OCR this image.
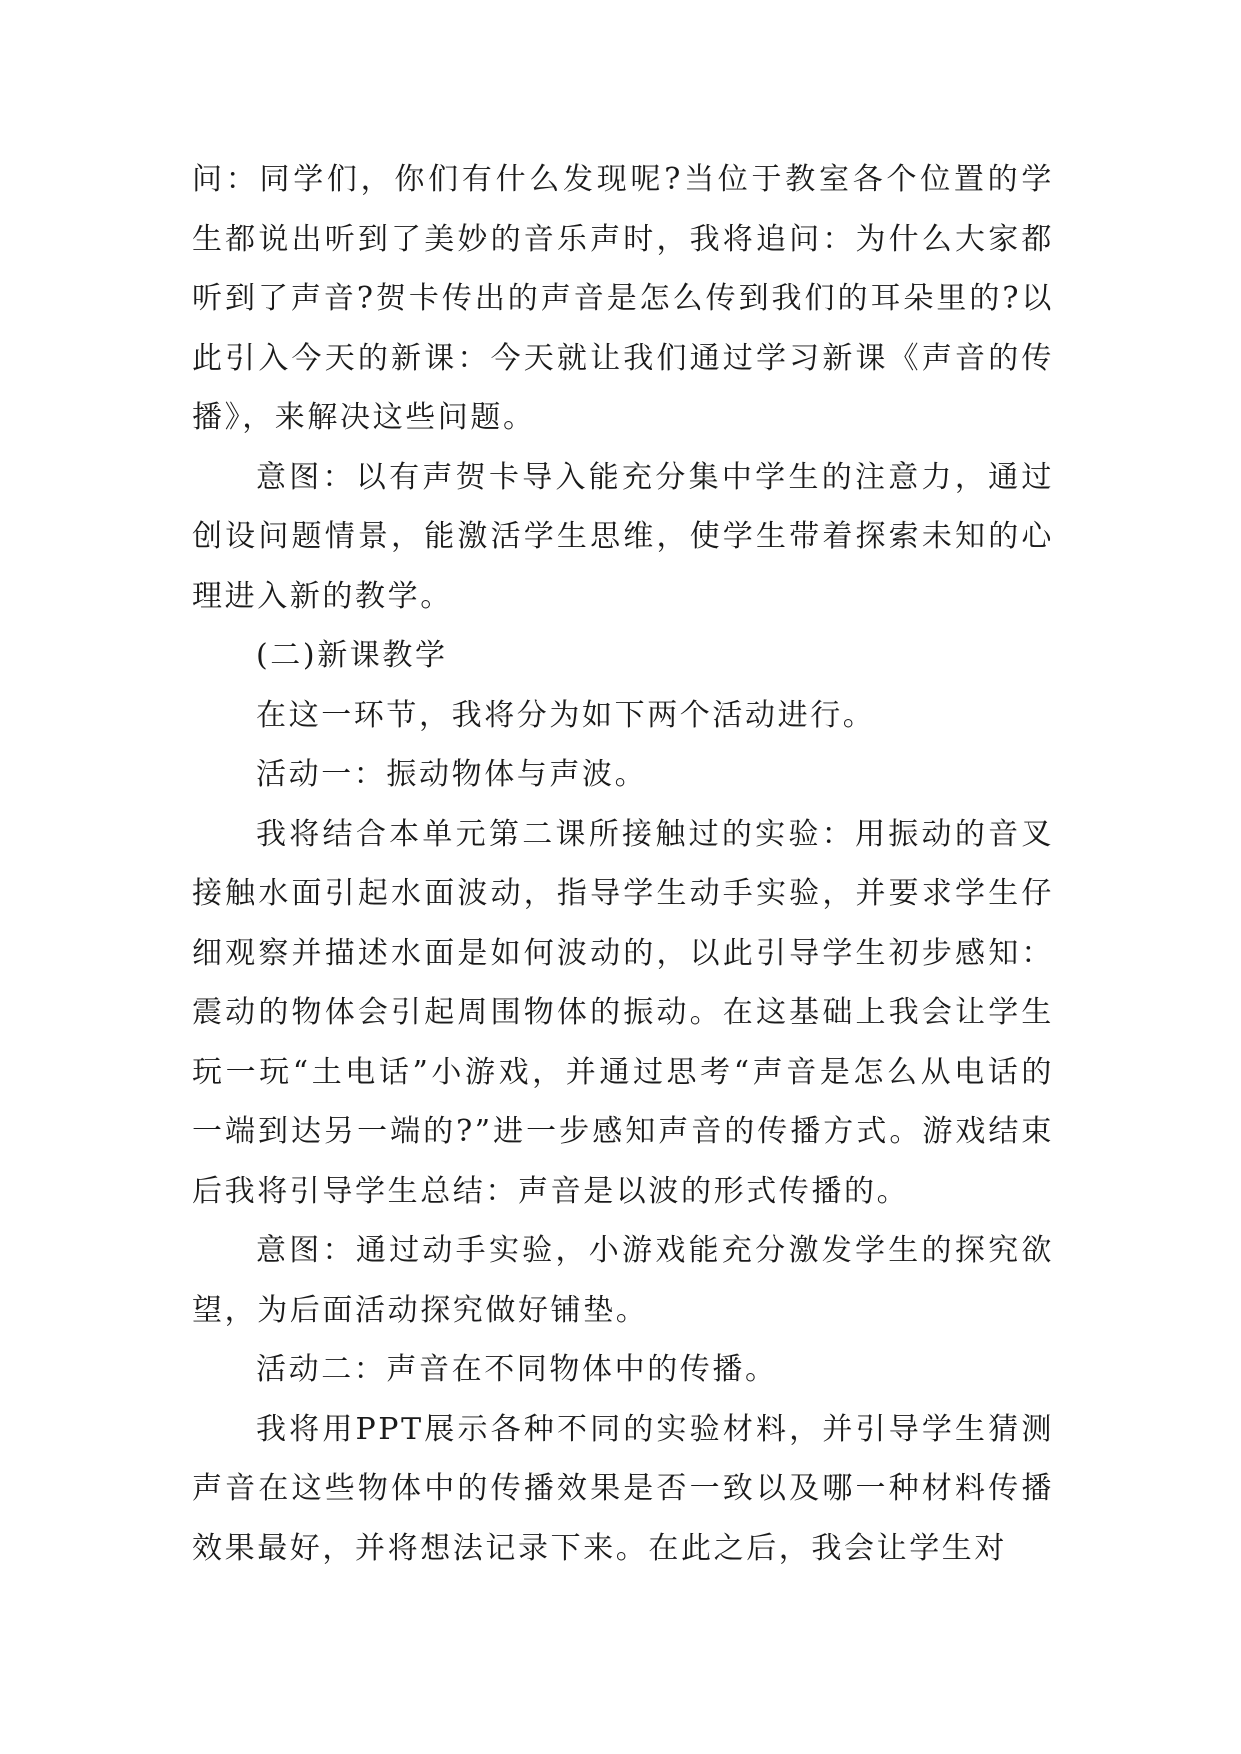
问：同学们，你们有什么发现呢?当位于教室各个位置的学生都说出听到了美妙的音乐声时，我将追问：为什么大家都听到了声音?贺卡传出的声音是怎么传到我们的耳朵里的?以此引入今天的新课：今天就让我们通过学习新课《声音的传播》，来解决这些问题。

意图：以有声贺卡导入能充分集中学生的注意力，通过创设问题情景，能激活学生思维，使学生带着探索未知的心理进入新的教学。

(二)新课教学

在这一环节，我将分为如下两个活动进行。

活动一：振动物体与声波。

我将结合本单元第二课所接触过的实验：用振动的音叉接触水面引起水面波动，指导学生动手实验，并要求学生仔细观察并描述水面是如何波动的，以此引导学生初步感知：震动的物体会引起周围物体的振动。在这基础上我会让学生玩一玩“土电话”小游戏，并通过思考“声音是怎么从电话的一端到达另一端的?”进一步感知声音的传播方式。游戏结束后我将引导学生总结：声音是以波的形式传播的。

意图：通过动手实验，小游戏能充分激发学生的探究欲望，为后面活动探究做好铺垫。

活动二：声音在不同物体中的传播。

我将用PPT展示各种不同的实验材料，并引导学生猜测声音在这些物体中的传播效果是否一致以及哪一种材料传播效果最好，并将想法记录下来。在此之后，我会让学生对
